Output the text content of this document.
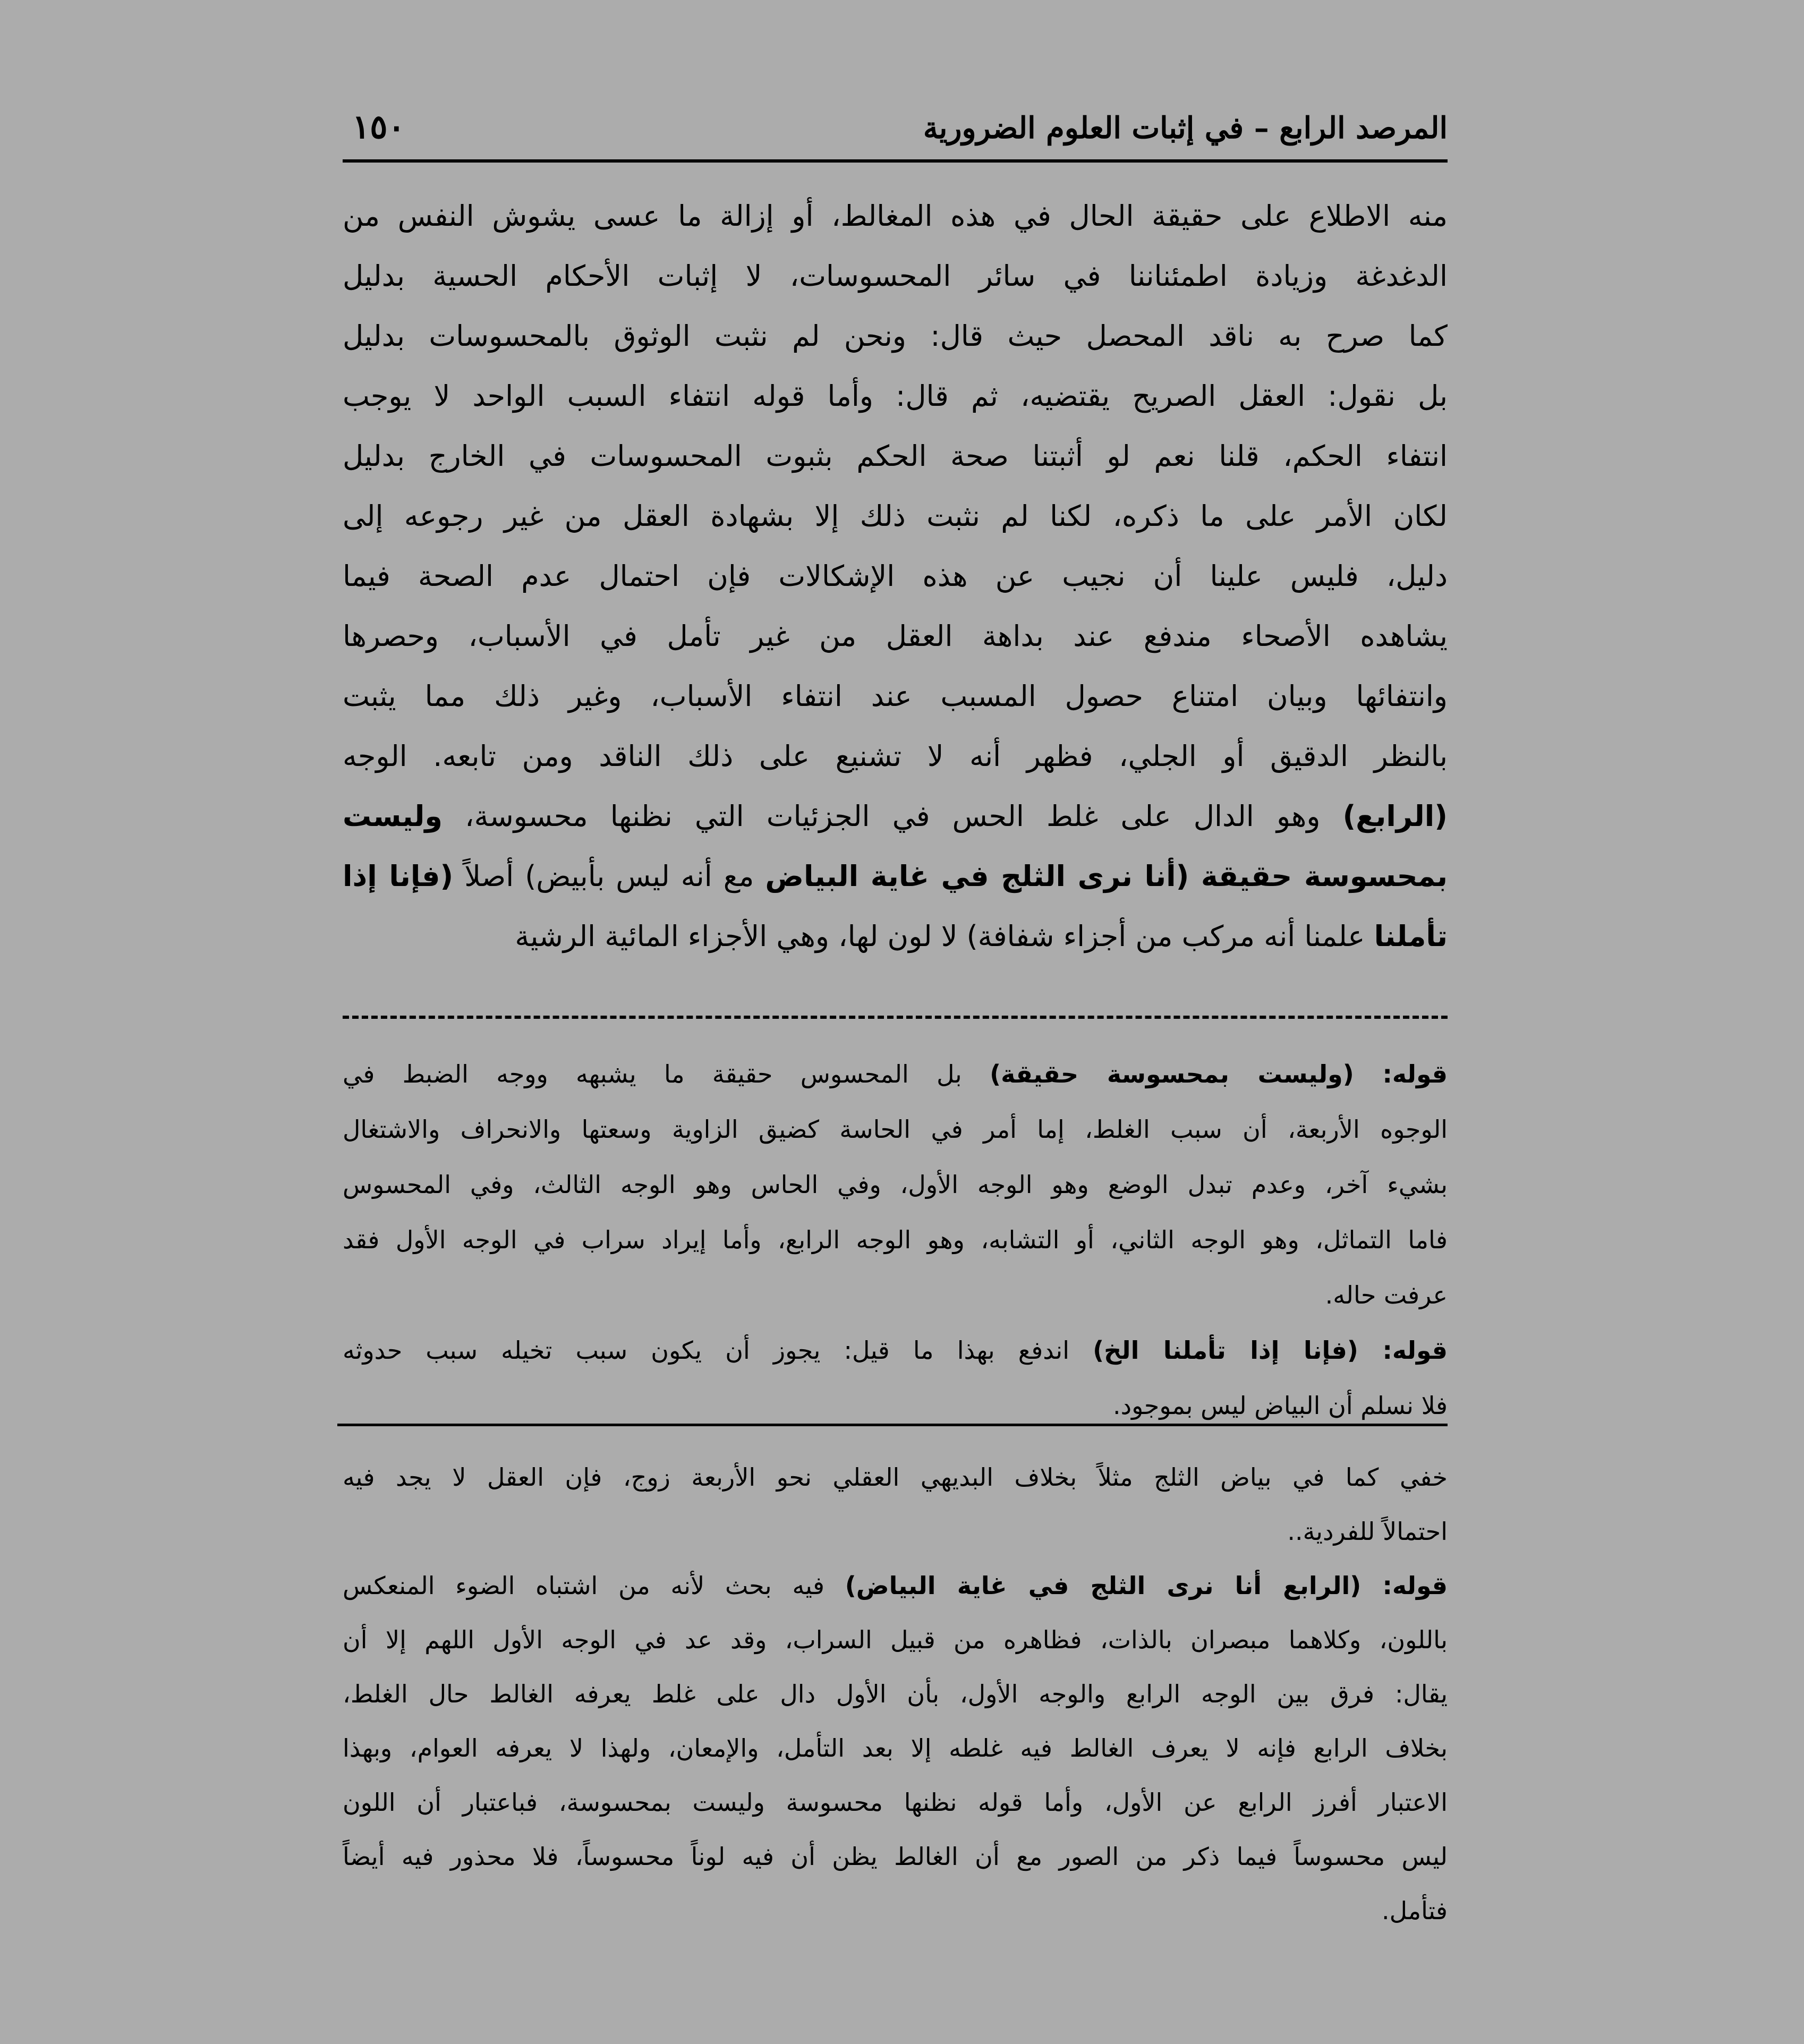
١٥٠	المرصد الرابع – في إثبات العلوم الضرورية
منه الاطلاع على حقيقة الحال في هذه المغالط، أو إزالة ما عسى يشوش النفس من
الدغدغة وزيادة اطمئناننا في سائر المحسوسات، لا إثبات الأحكام الحسية بدليل
كما صرح به ناقد المحصل حيث قال: ونحن لم نثبت الوثوق بالمحسوسات بدليل
بل نقول: العقل الصريح يقتضيه، ثم قال: وأما قوله انتفاء السبب الواحد لا يوجب
انتفاء الحكم، قلنا نعم لو أثبتنا صحة الحكم بثبوت المحسوسات في الخارج بدليل
لكان الأمر على ما ذكره، لكنا لم نثبت ذلك إلا بشهادة العقل من غير رجوعه إلى
دليل، فليس علينا أن نجيب عن هذه الإشكالات فإن احتمال عدم الصحة فيما
يشاهده الأصحاء مندفع عند بداهة العقل من غير تأمل في الأسباب، وحصرها
وانتفائها وبيان امتناع حصول المسبب عند انتفاء الأسباب، وغير ذلك مما يثبت
بالنظر الدقيق أو الجلي، فظهر أنه لا تشنيع على ذلك الناقد ومن تابعه. الوجه
(الرابع) وهو الدال على غلط الحس في الجزئيات التي نظنها محسوسة، وليست
بمحسوسة حقيقة (أنا نرى الثلج في غاية البياض مع أنه ليس بأبيض) أصلاً (فإنا إذا
تأملنا علمنا أنه مركب من أجزاء شفافة) لا لون لها، وهي الأجزاء المائية الرشية
قوله: (وليست بمحسوسة حقيقة) بل المحسوس حقيقة ما يشبهه ووجه الضبط في
الوجوه الأربعة، أن سبب الغلط، إما أمر في الحاسة كضيق الزاوية وسعتها والانحراف والاشتغال
بشيء آخر، وعدم تبدل الوضع وهو الوجه الأول، وفي الحاس وهو الوجه الثالث، وفي المحسوس
فاما التماثل، وهو الوجه الثاني، أو التشابه، وهو الوجه الرابع، وأما إيراد سراب في الوجه الأول فقد
عرفت حاله.
قوله: (فإنا إذا تأملنا الخ) اندفع بهذا ما قيل: يجوز أن يكون سبب تخيله سبب حدوثه
فلا نسلم أن البياض ليس بموجود.
خفي كما في بياض الثلج مثلاً بخلاف البديهي العقلي نحو الأربعة زوج، فإن العقل لا يجد فيه
احتمالاً للفردية..
قوله: (الرابع أنا نرى الثلج في غاية البياض) فيه بحث لأنه من اشتباه الضوء المنعكس
باللون، وكلاهما مبصران بالذات، فظاهره من قبيل السراب، وقد عد في الوجه الأول اللهم إلا أن
يقال: فرق بين الوجه الرابع والوجه الأول، بأن الأول دال على غلط يعرفه الغالط حال الغلط،
بخلاف الرابع فإنه لا يعرف الغالط فيه غلطه إلا بعد التأمل، والإمعان، ولهذا لا يعرفه العوام، وبهذا
الاعتبار أفرز الرابع عن الأول، وأما قوله نظنها محسوسة وليست بمحسوسة، فباعتبار أن اللون
ليس محسوساً فيما ذكر من الصور مع أن الغالط يظن أن فيه لوناً محسوساً، فلا محذور فيه أيضاً
فتأمل.
